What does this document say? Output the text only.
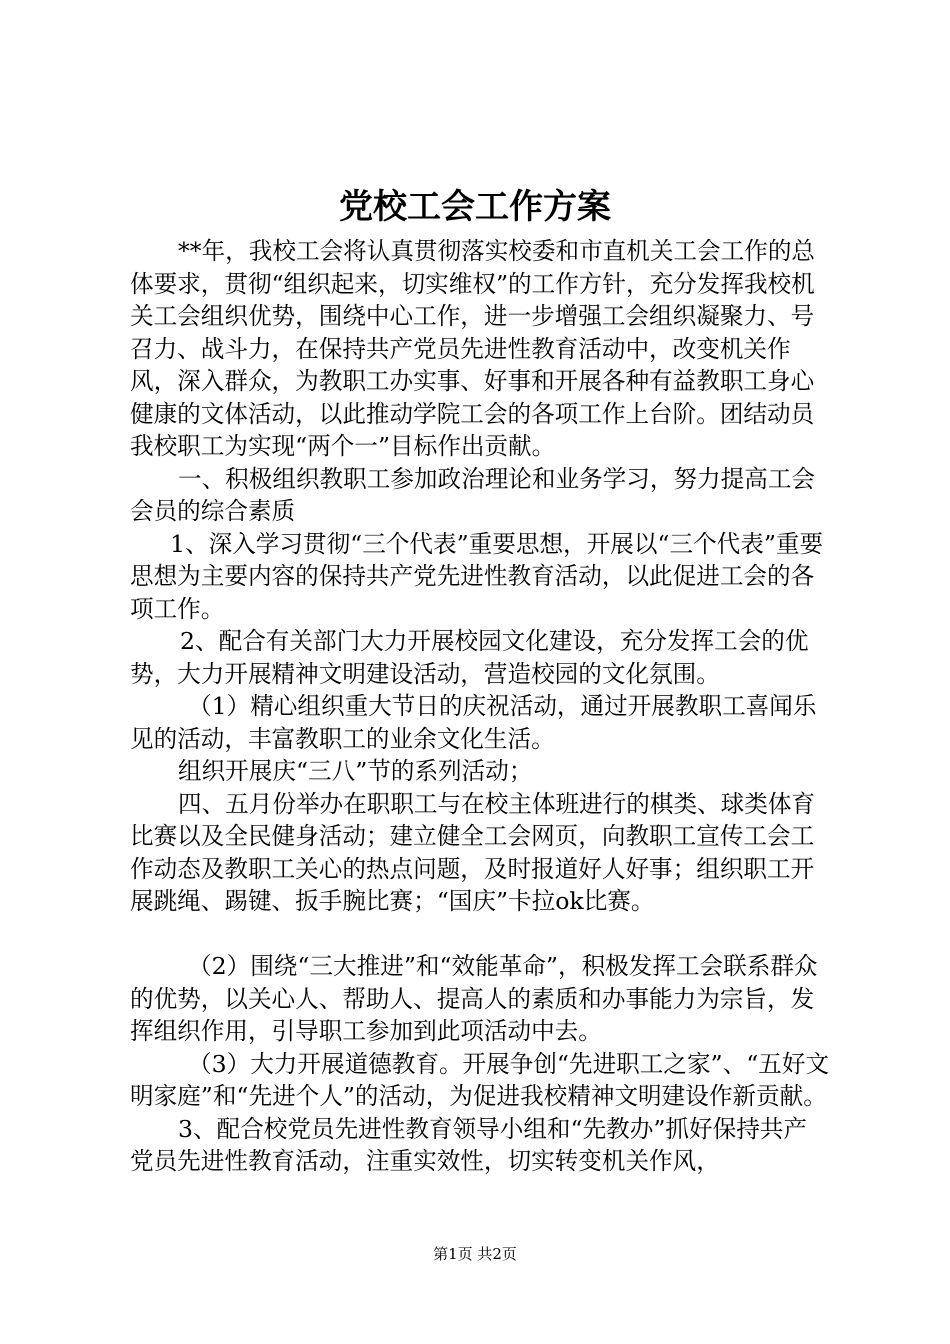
党校工会工作方案

**年，我校工会将认真贯彻落实校委和市直机关工会工作的总体要求，贯彻“组织起来，切实维权”的工作方针，充分发挥我校机关工会组织优势，围绕中心工作，进一步增强工会组织凝聚力、号召力、战斗力，在保持共产党员先进性教育活动中，改变机关作风，深入群众，为教职工办实事、好事和开展各种有益教职工身心健康的文体活动，以此推动学院工会的各项工作上台阶。团结动员我校职工为实现“两个一”目标作出贡献。

一、积极组织教职工参加政治理论和业务学习，努力提高工会会员的综合素质

1、深入学习贯彻“三个代表”重要思想，开展以“三个代表”重要思想为主要内容的保持共产党先进性教育活动，以此促进工会的各项工作。

2、配合有关部门大力开展校园文化建设，充分发挥工会的优势，大力开展精神文明建设活动，营造校园的文化氛围。

（1）精心组织重大节日的庆祝活动，通过开展教职工喜闻乐见的活动，丰富教职工的业余文化生活。

组织开展庆“三八”节的系列活动；

四、五月份举办在职职工与在校主体班进行的棋类、球类体育比赛以及全民健身活动；建立健全工会网页，向教职工宣传工会工作动态及教职工关心的热点问题，及时报道好人好事；组织职工开展跳绳、踢键、扳手腕比赛；“国庆”卡拉ok比赛。

（2）围绕“三大推进”和“效能革命”，积极发挥工会联系群众的优势，以关心人、帮助人、提高人的素质和办事能力为宗旨，发挥组织作用，引导职工参加到此项活动中去。

（3）大力开展道德教育。开展争创“先进职工之家”、“五好文明家庭”和“先进个人”的活动，为促进我校精神文明建设作新贡献。

3、配合校党员先进性教育领导小组和“先教办”抓好保持共产党员先进性教育活动，注重实效性，切实转变机关作风，

第1页 共2页
